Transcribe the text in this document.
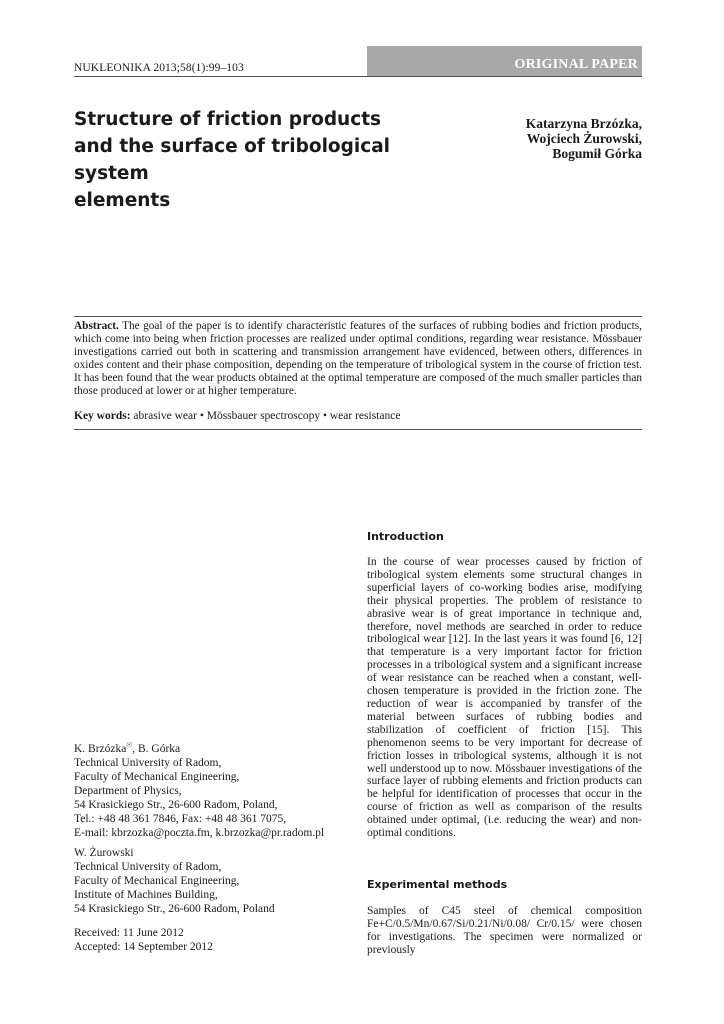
NUKLEONIKA 2013;58(1):99–103	ORIGINAL PAPER
Structure of friction products
and the surface of tribological system
elements
Katarzyna Brzózka,
Wojciech Żurowski,
Bogumił Górka
Abstract. The goal of the paper is to identify characteristic features of the surfaces of rubbing bodies and friction products, which come into being when friction processes are realized under optimal conditions, regarding wear resistance. Mössbauer investigations carried out both in scattering and transmission arrangement have evidenced, between others, differences in oxides content and their phase composition, depending on the temperature of tribological system in the course of friction test. It has been found that the wear products obtained at the optimal temperature are composed of the much smaller particles than those produced at lower or at higher temperature.
Key words: abrasive wear • Mössbauer spectroscopy • wear resistance

K. Brzózka✉, B. Górka
Technical University of Radom,
Faculty of Mechanical Engineering,
Department of Physics,
54 Krasickiego Str., 26-600 Radom, Poland,
Tel.: +48 48 361 7846, Fax: +48 48 361 7075,
E-mail: kbrzozka@poczta.fm, k.brzozka@pr.radom.pl

W. Żurowski
Technical University of Radom,
Faculty of Mechanical Engineering,
Institute of Machines Building,
54 Krasickiego Str., 26-600 Radom, Poland

Received: 11 June 2012
Accepted: 14 September 2012

Introduction
In the course of wear processes caused by friction of tribological system elements some structural changes in superficial layers of co-working bodies arise, modifying their physical properties. The problem of resistance to abrasive wear is of great importance in technique and, therefore, novel methods are searched in order to reduce tribological wear [12]. In the last years it was found [6, 12] that temperature is a very important factor for friction processes in a tribological system and a significant increase of wear resistance can be reached when a constant, well-chosen temperature is provided in the friction zone. The reduction of wear is accompanied by transfer of the material between surfaces of rubbing bodies and stabilization of coefficient of friction [15]. This phenomenon seems to be very important for decrease of friction losses in tribological systems, although it is not well understood up to now. Mössbauer investigations of the surface layer of rubbing elements and friction products can be helpful for identification of processes that occur in the course of friction as well as comparison of the results obtained under optimal, (i.e. reducing the wear) and non-optimal conditions.
Experimental methods
Samples of C45 steel of chemical composition Fe+C/0.5/Mn/0.67/Si/0.21/Ni/0.08/ Cr/0.15/ were chosen for investigations. The specimen were normalized or previously
